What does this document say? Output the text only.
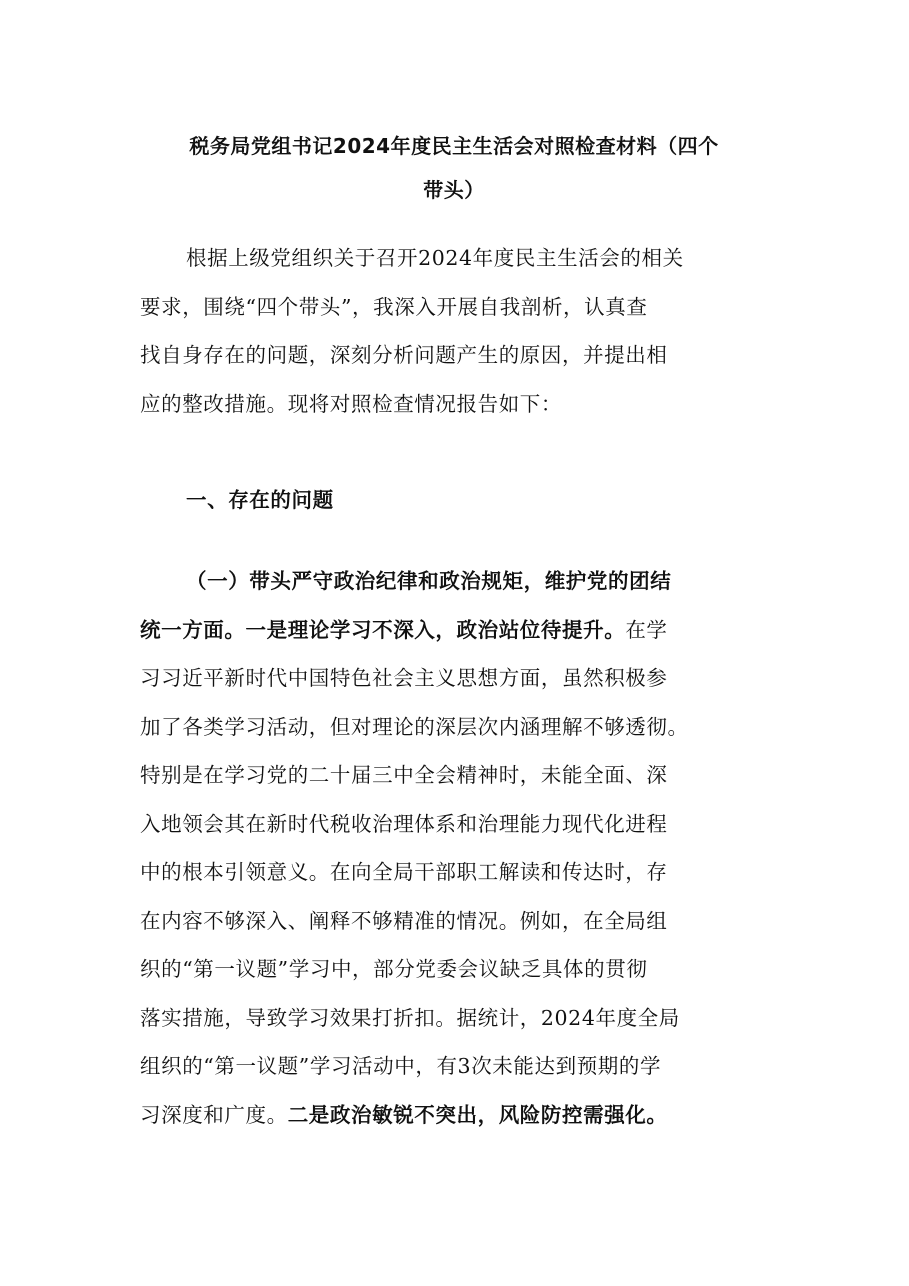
税务局党组书记2024年度民主生活会对照检查材料（四个
带头）
根据上级党组织关于召开2024年度民主生活会的相关
要求，围绕“四个带头”，我深入开展自我剖析，认真查
找自身存在的问题，深刻分析问题产生的原因，并提出相
应的整改措施。现将对照检查情况报告如下：
一、存在的问题
（一）带头严守政治纪律和政治规矩，维护党的团结
统一方面。一是理论学习不深入，政治站位待提升。在学
习习近平新时代中国特色社会主义思想方面，虽然积极参
加了各类学习活动，但对理论的深层次内涵理解不够透彻。
特别是在学习党的二十届三中全会精神时，未能全面、深
入地领会其在新时代税收治理体系和治理能力现代化进程
中的根本引领意义。在向全局干部职工解读和传达时，存
在内容不够深入、阐释不够精准的情况。例如，在全局组
织的“第一议题”学习中，部分党委会议缺乏具体的贯彻
落实措施，导致学习效果打折扣。据统计，2024年度全局
组织的“第一议题”学习活动中，有3次未能达到预期的学
习深度和广度。二是政治敏锐不突出，风险防控需强化。
